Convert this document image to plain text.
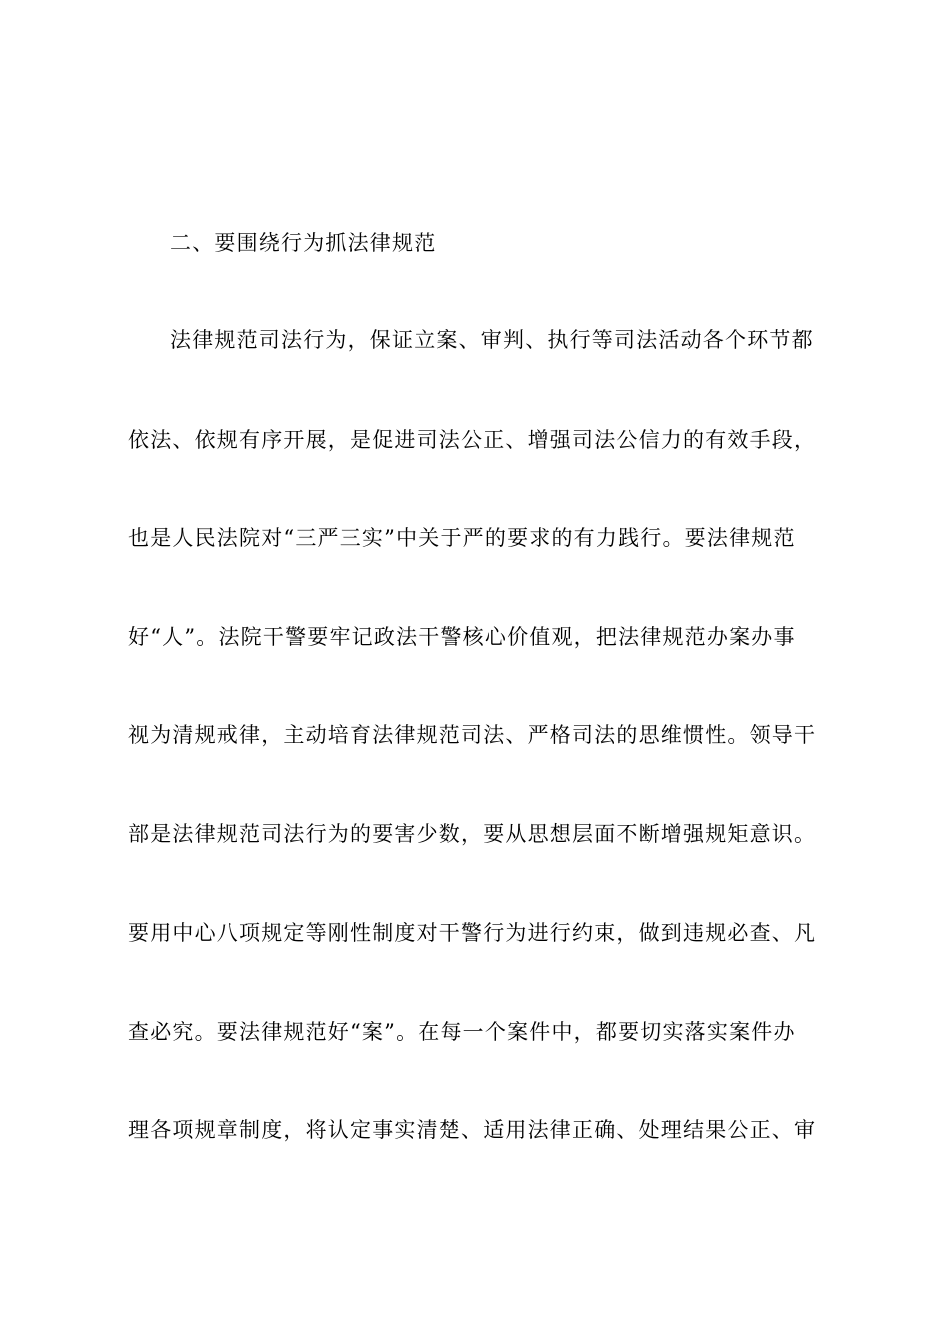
二、要围绕行为抓法律规范
法律规范司法行为，保证立案、审判、执行等司法活动各个环节都
依法、依规有序开展，是促进司法公正、增强司法公信力的有效手段，
也是人民法院对“三严三实”中关于严的要求的有力践行。要法律规范
好“人”。法院干警要牢记政法干警核心价值观，把法律规范办案办事
视为清规戒律，主动培育法律规范司法、严格司法的思维惯性。领导干
部是法律规范司法行为的要害少数，要从思想层面不断增强规矩意识。
要用中心八项规定等刚性制度对干警行为进行约束，做到违规必查、凡
查必究。要法律规范好“案”。在每一个案件中，都要切实落实案件办
理各项规章制度，将认定事实清楚、适用法律正确、处理结果公正、审
